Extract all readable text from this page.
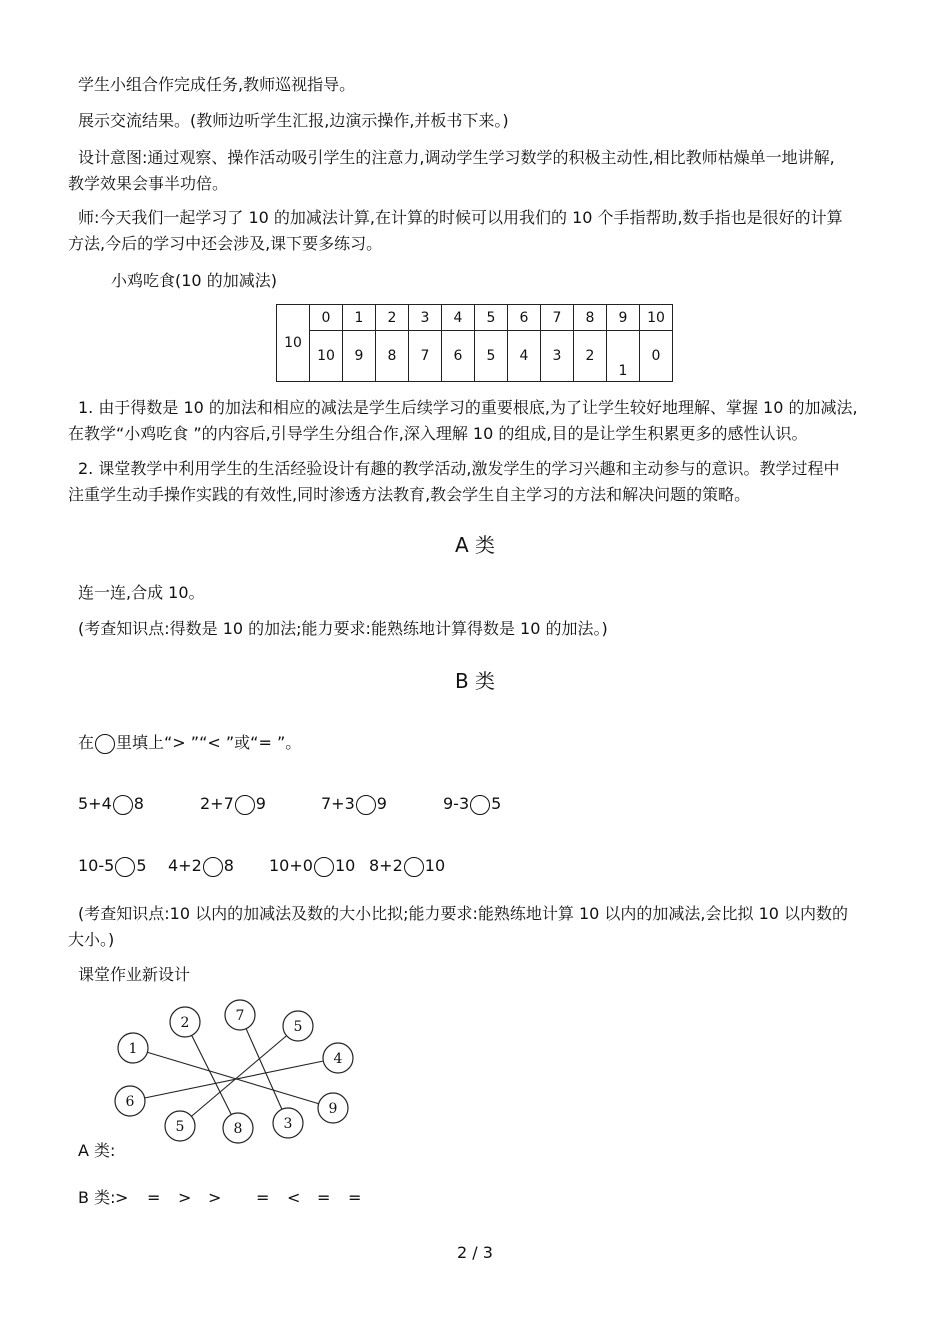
学生小组合作完成任务,教师巡视指导。
展示交流结果。(教师边听学生汇报,边演示操作,并板书下来。)
设计意图:通过观察、操作活动吸引学生的注意力,调动学生学习数学的积极主动性,相比教师枯燥单一地讲解,
教学效果会事半功倍。
师:今天我们一起学习了 10 的加减法计算,在计算的时候可以用我们的 10 个手指帮助,数手指也是很好的计算
方法,今后的学习中还会涉及,课下要多练习。
小鸡吃食(10 的加减法)
10	0	1	2	3	4	5	6	7	8	9	10
	10	9	8	7	6	5	4	3	2	1	0
1. 由于得数是 10 的加法和相应的减法是学生后续学习的重要根底,为了让学生较好地理解、掌握 10 的加减法,
在教学“小鸡吃食 ”的内容后,引导学生分组合作,深入理解 10 的组成,目的是让学生积累更多的感性认识。
2. 课堂教学中利用学生的生活经验设计有趣的教学活动,激发学生的学习兴趣和主动参与的意识。教学过程中
注重学生动手操作实践的有效性,同时渗透方法教育,教会学生自主学习的方法和解决问题的策略。
A 类
连一连,合成 10。
(考查知识点:得数是 10 的加法;能力要求:能熟练地计算得数是 10 的加法。)
B 类
在 里填上“> ”“< ”或“= ”。
5+4 8	2+7 9	7+3 9	9-3 5
10-5 5 4+2 8 10+0 10 8+2 10
(考查知识点:10 以内的加减法及数的大小比拟;能力要求:能熟练地计算 10 以内的加减法,会比拟 10 以内数的
大小。)
课堂作业新设计
1
2	7
5
4
6
5	8	3
9
A 类:
B 类: > = > > = < = =
2 / 3
